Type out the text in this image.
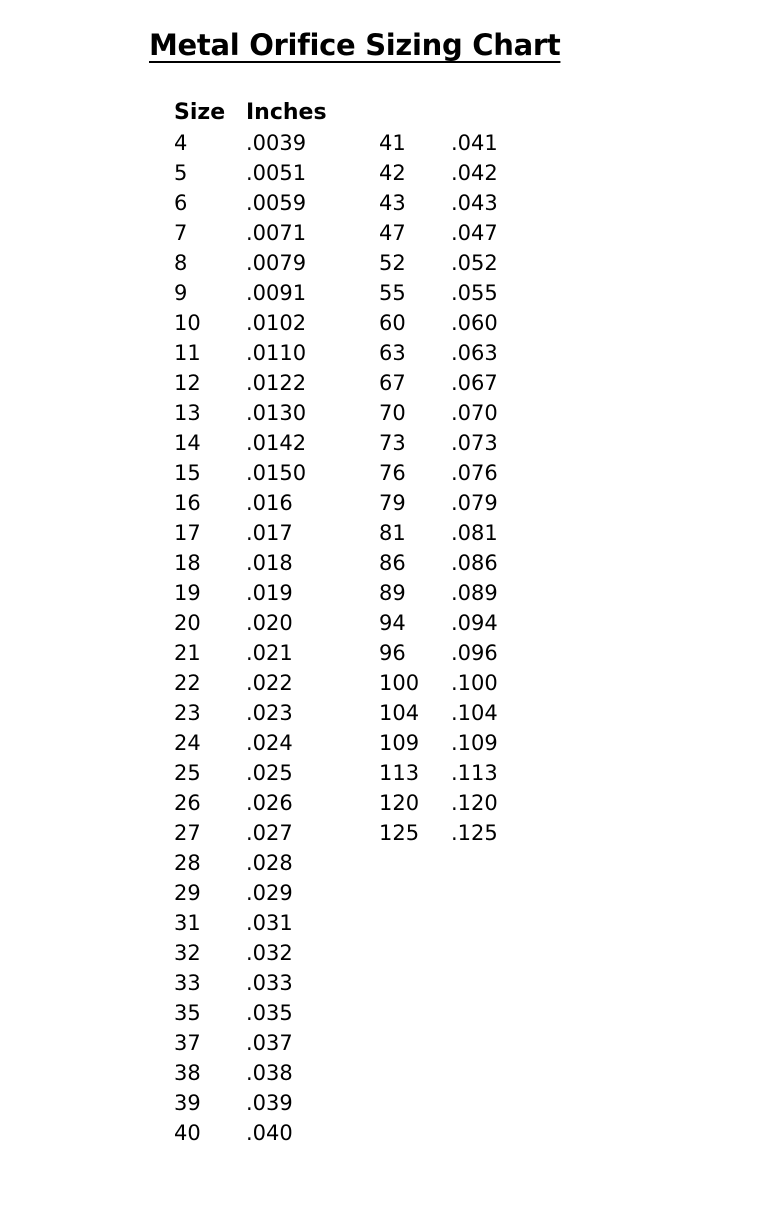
Metal Orifice Sizing Chart
Size Inches
4	.0039
5	.0051
6	.0059
7	.0071
8	.0079
9	.0091
10 .0102
11 .0110
12 .0122
13 .0130
14 .0142
15 .0150
16 .016
17 .017
18 .018
19 .019
20 .020
21 .021
22 .022
23 .023
24 .024
25 .025
26 .026
27 .027
28 .028
29 .029
31 .031
32 .032
33 .033
35 .035
37 .037
38 .038
39 .039
40 .040
41 .041
42 .042
43 .043
47 .047
52 .052
55 .055
60 .060
63 .063
67 .067
70 .070
73 .073
76 .076
79 .079
81 .081
86 .086
89 .089
94 .094
96 .096
100 .100
104 .104
109 .109
113 .113
120 .120
125 .125
